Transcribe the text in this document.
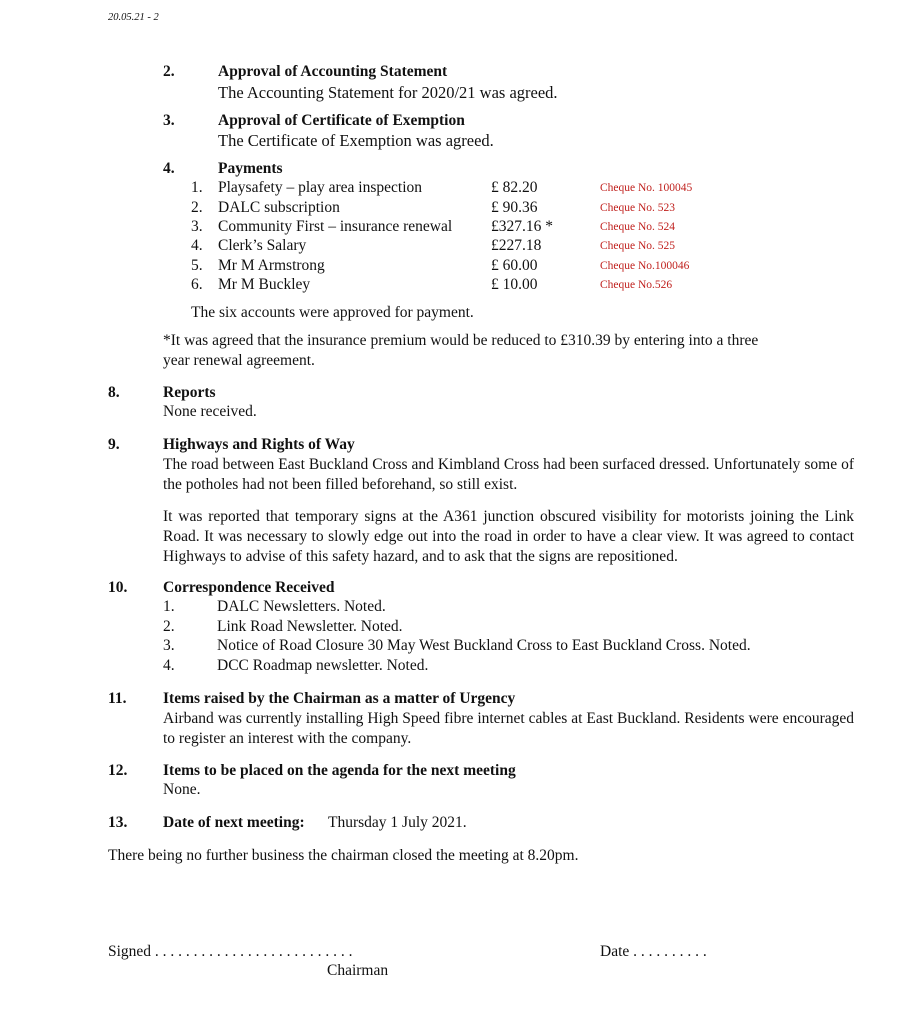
20.05.21 - 2
2.	Approval of Accounting Statement
The Accounting Statement for 2020/21 was agreed.
3.	Approval of Certificate of Exemption
The Certificate of Exemption was agreed.
4.	Payments
1. Playsafety – play area inspection	£ 82.20	Cheque No. 100045
2. DALC subscription	£ 90.36	Cheque No. 523
3. Community First – insurance renewal	£327.16 *	Cheque No. 524
4. Clerk’s Salary	£227.18	Cheque No. 525
5. Mr M Armstrong	£ 60.00	Cheque No.100046
6. Mr M Buckley	£ 10.00	Cheque No.526
The six accounts were approved for payment.
*It was agreed that the insurance premium would be reduced to £310.39 by entering into a three
year renewal agreement.
8.	Reports
None received.
9.	Highways and Rights of Way
The road between East Buckland Cross and Kimbland Cross had been surfaced dressed. Unfortunately some of the potholes had not been filled beforehand, so still exist.
It was reported that temporary signs at the A361 junction obscured visibility for motorists joining the Link Road. It was necessary to slowly edge out into the road in order to have a clear view. It was agreed to contact Highways to advise of this safety hazard, and to ask that the signs are repositioned.
10. Correspondence Received
1.	DALC Newsletters. Noted.
2.	Link Road Newsletter. Noted.
3.	Notice of Road Closure 30 May West Buckland Cross to East Buckland Cross. Noted.
4.	DCC Roadmap newsletter. Noted.
11. Items raised by the Chairman as a matter of Urgency
Airband was currently installing High Speed fibre internet cables at East Buckland. Residents were encouraged to register an interest with the company.
12. Items to be placed on the agenda for the next meeting
None.
13. Date of next meeting: Thursday 1 July 2021.
There being no further business the chairman closed the meeting at 8.20pm.
Signed . . . . . . . . . . . . . . . . . . . . . . . . . .
Chairman
Date . . . . . . . . . .
